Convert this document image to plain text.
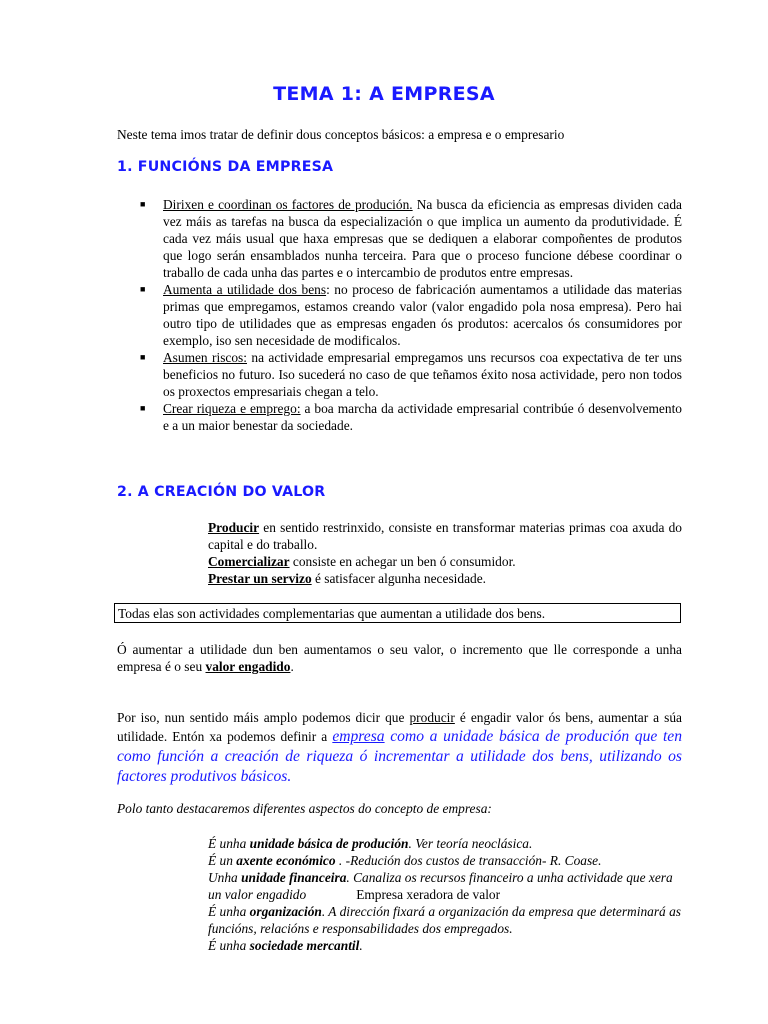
TEMA 1: A EMPRESA

Neste tema imos tratar de definir dous conceptos básicos: a empresa e o empresario

1. FUNCIÓNS DA EMPRESA
■ Dirixen e coordinan os factores de produción. Na busca da eficiencia as empresas dividen cada vez máis as tarefas na busca da especialización o que implica un aumento da produtividade. É cada vez máis usual que haxa empresas que se dediquen a elaborar compoñentes de produtos que logo serán ensamblados nunha terceira. Para que o proceso funcione débese coordinar o traballo de cada unha das partes e o intercambio de produtos entre empresas.
■ Aumenta a utilidade dos bens: no proceso de fabricación aumentamos a utilidade das materias primas que empregamos, estamos creando valor (valor engadido pola nosa empresa). Pero hai outro tipo de utilidades que as empresas engaden ós produtos: acercalos ós consumidores por exemplo, iso sen necesidade de modificalos.
■ Asumen riscos: na actividade empresarial empregamos uns recursos coa expectativa de ter uns beneficios no futuro. Iso sucederá no caso de que teñamos éxito nosa actividade, pero non todos os proxectos empresariais chegan a telo.
■ Crear riqueza e emprego: a boa marcha da actividade empresarial contribúe ó desenvolvemento e a un maior benestar da sociedade.
2. A CREACIÓN DO VALOR

Producir en sentido restrinxido, consiste en transformar materias primas coa axuda do capital e do traballo.

Comercializar consiste en achegar un ben ó consumidor.

Prestar un servizo é satisfacer algunha necesidade.

Todas elas son actividades complementarias que aumentan a utilidade dos bens.

Ó aumentar a utilidade dun ben aumentamos o seu valor, o incremento que lle corresponde a unha empresa é o seu valor engadido.

Por iso, nun sentido máis amplo podemos dicir que producir é engadir valor ós bens, aumentar a súa utilidade. Entón xa podemos definir a empresa como a unidade básica de produción que ten como función a creación de riqueza ó incrementar a utilidade dos bens, utilizando os factores produtivos básicos.

Polo tanto destacaremos diferentes aspectos do concepto de empresa:

É unha unidade básica de produción. Ver teoría neoclásica.

É un axente económico . -Redución dos custos de transacción- R. Coase.

Unha unidade financeira. Canaliza os recursos financeiro a unha actividade que xera un valor engadido	Empresa xeradora de valor

É unha organización. A dirección fixará a organización da empresa que determinará as funcións, relacións e responsabilidades dos empregados.

É unha sociedade mercantil.
